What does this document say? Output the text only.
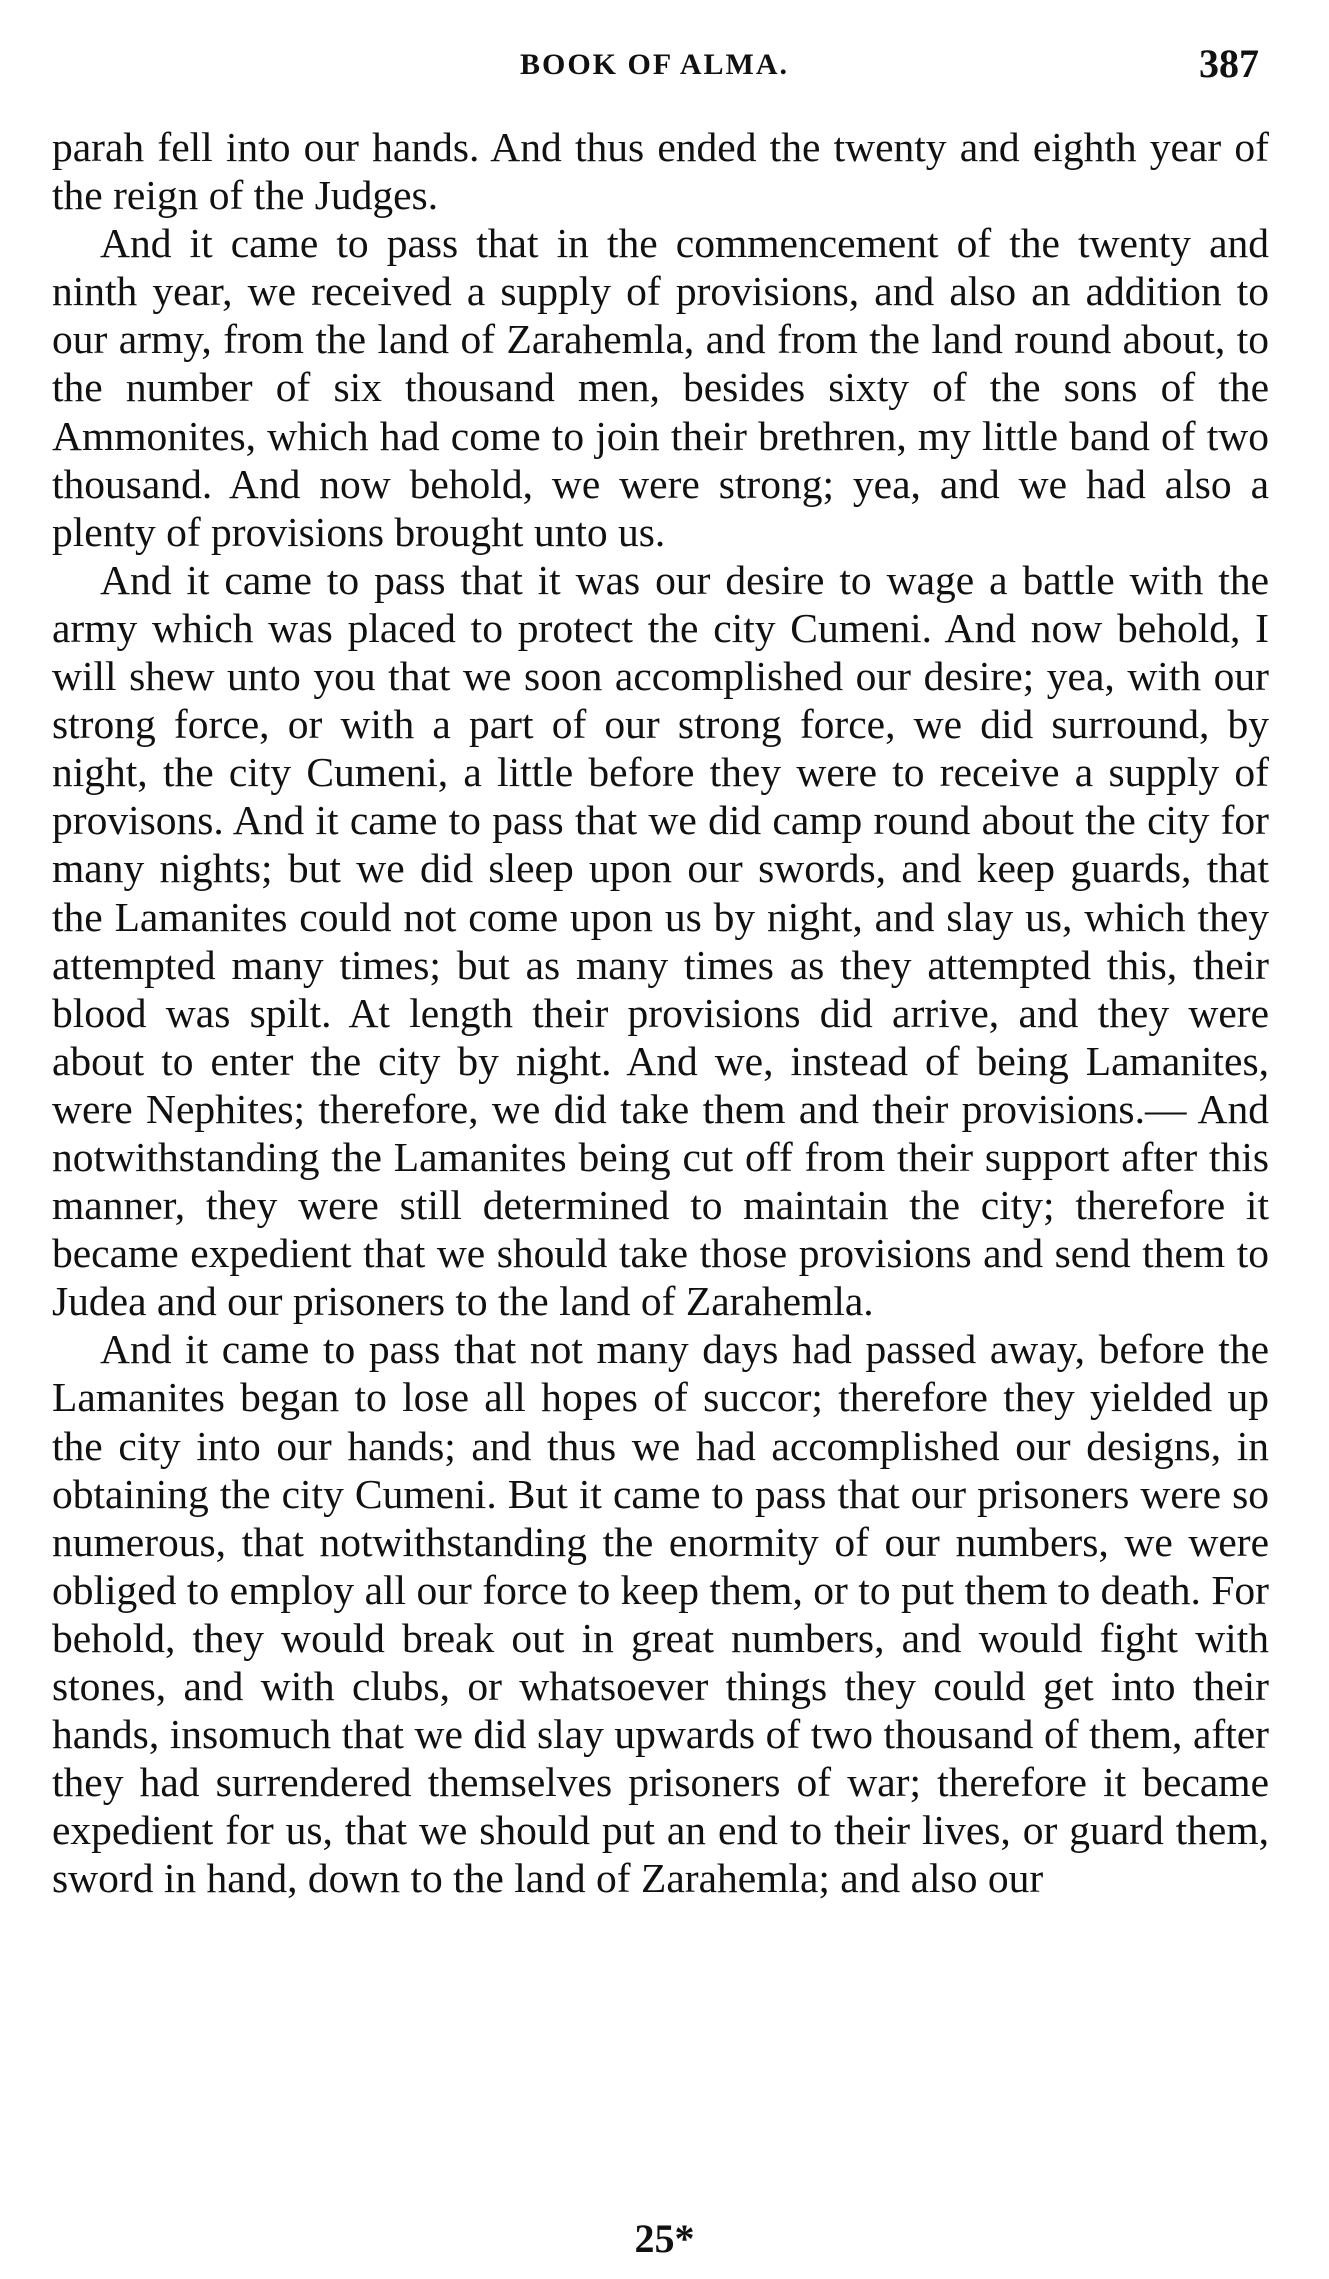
BOOK OF ALMA.	387

parah fell into our hands. And thus ended the twenty and eighth year of the reign of the Judges.

And it came to pass that in the commencement of the twenty and ninth year, we received a supply of provisions, and also an addition to our army, from the land of Zarahemla, and from the land round about, to the number of six thousand men, besides sixty of the sons of the Ammonites, which had come to join their brethren, my little band of two thousand. And now behold, we were strong; yea, and we had also a plenty of provisions brought unto us.

And it came to pass that it was our desire to wage a battle with the army which was placed to protect the city Cumeni. And now behold, I will shew unto you that we soon accomplished our desire; yea, with our strong force, or with a part of our strong force, we did surround, by night, the city Cumeni, a little before they were to receive a supply of provisons. And it came to pass that we did camp round about the city for many nights; but we did sleep upon our swords, and keep guards, that the Lamanites could not come upon us by night, and slay us, which they attempted many times; but as many times as they attempted this, their blood was spilt. At length their provisions did arrive, and they were about to enter the city by night. And we, instead of being Lamanites, were Nephites; therefore, we did take them and their provisions.— And notwithstanding the Lamanites being cut off from their support after this manner, they were still determined to maintain the city; therefore it became expedient that we should take those provisions and send them to Judea and our prisoners to the land of Zarahemla.

And it came to pass that not many days had passed away, before the Lamanites began to lose all hopes of succor; therefore they yielded up the city into our hands; and thus we had accomplished our designs, in obtaining the city Cumeni. But it came to pass that our prisoners were so numerous, that notwithstanding the enormity of our numbers, we were obliged to employ all our force to keep them, or to put them to death. For behold, they would break out in great numbers, and would fight with stones, and with clubs, or whatsoever things they could get into their hands, insomuch that we did slay upwards of two thousand of them, after they had surrendered themselves prisoners of war; therefore it became expedient for us, that we should put an end to their lives, or guard them, sword in hand, down to the land of Zarahemla; and also our

25*
